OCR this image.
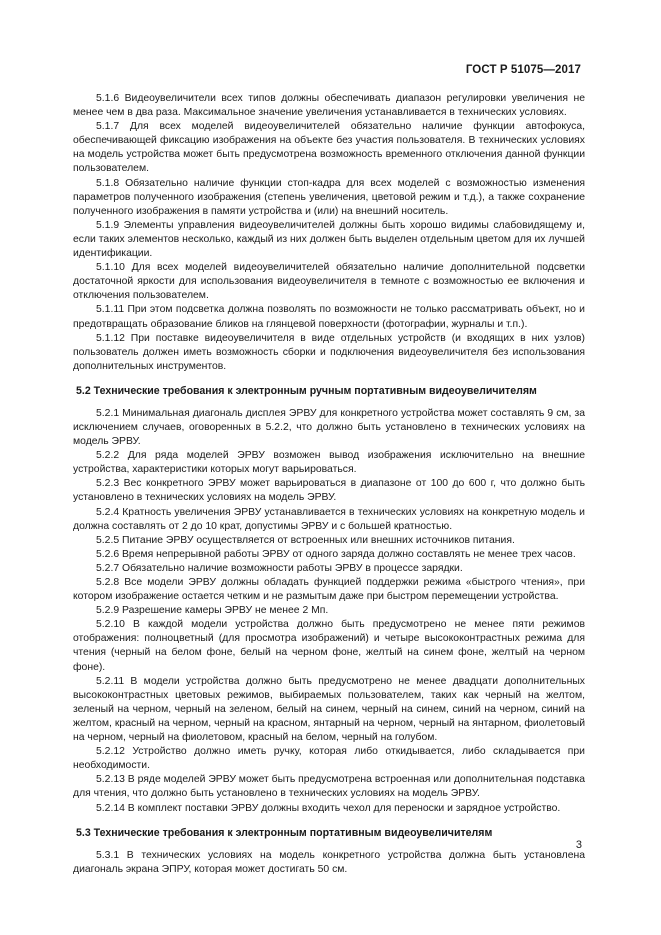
ГОСТ Р 51075—2017

5.1.6 Видеоувеличители всех типов должны обеспечивать диапазон регулировки увеличения не менее чем в два раза. Максимальное значение увеличения устанавливается в технических условиях.

5.1.7 Для всех моделей видеоувеличителей обязательно наличие функции автофокуса, обеспечивающей фиксацию изображения на объекте без участия пользователя. В технических условиях на модель устройства может быть предусмотрена возможность временного отключения данной функции пользователем.

5.1.8 Обязательно наличие функции стоп-кадра для всех моделей с возможностью изменения параметров полученного изображения (степень увеличения, цветовой режим и т.д.), а также сохранение полученного изображения в памяти устройства и (или) на внешний носитель.

5.1.9 Элементы управления видеоувеличителей должны быть хорошо видимы слабовидящему и, если таких элементов несколько, каждый из них должен быть выделен отдельным цветом для их лучшей идентификации.

5.1.10 Для всех моделей видеоувеличителей обязательно наличие дополнительной подсветки достаточной яркости для использования видеоувеличителя в темноте с возможностью ее включения и отключения пользователем.

5.1.11 При этом подсветка должна позволять по возможности не только рассматривать объект, но и предотвращать образование бликов на глянцевой поверхности (фотографии, журналы и т.п.).

5.1.12 При поставке видеоувеличителя в виде отдельных устройств (и входящих в них узлов) пользователь должен иметь возможность сборки и подключения видеоувеличителя без использования дополнительных инструментов.

5.2 Технические требования к электронным ручным портативным видеоувеличителям

5.2.1 Минимальная диагональ дисплея ЭРВУ для конкретного устройства может составлять 9 см, за исключением случаев, оговоренных в 5.2.2, что должно быть установлено в технических условиях на модель ЭРВУ.

5.2.2 Для ряда моделей ЭРВУ возможен вывод изображения исключительно на внешние устройства, характеристики которых могут варьироваться.

5.2.3 Вес конкретного ЭРВУ может варьироваться в диапазоне от 100 до 600 г, что должно быть установлено в технических условиях на модель ЭРВУ.

5.2.4 Кратность увеличения ЭРВУ устанавливается в технических условиях на конкретную модель и должна составлять от 2 до 10 крат, допустимы ЭРВУ и с большей кратностью.

5.2.5 Питание ЭРВУ осуществляется от встроенных или внешних источников питания.

5.2.6 Время непрерывной работы ЭРВУ от одного заряда должно составлять не менее трех часов.

5.2.7 Обязательно наличие возможности работы ЭРВУ в процессе зарядки.

5.2.8 Все модели ЭРВУ должны обладать функцией поддержки режима «быстрого чтения», при котором изображение остается четким и не размытым даже при быстром перемещении устройства.

5.2.9 Разрешение камеры ЭРВУ не менее 2 Мп.

5.2.10 В каждой модели устройства должно быть предусмотрено не менее пяти режимов отображения: полноцветный (для просмотра изображений) и четыре высококонтрастных режима для чтения (черный на белом фоне, белый на черном фоне, желтый на синем фоне, желтый на черном фоне).

5.2.11 В модели устройства должно быть предусмотрено не менее двадцати дополнительных высококонтрастных цветовых режимов, выбираемых пользователем, таких как черный на желтом, зеленый на черном, черный на зеленом, белый на синем, черный на синем, синий на черном, синий на желтом, красный на черном, черный на красном, янтарный на черном, черный на янтарном, фиолетовый на черном, черный на фиолетовом, красный на белом, черный на голубом.

5.2.12 Устройство должно иметь ручку, которая либо откидывается, либо складывается при необходимости.

5.2.13 В ряде моделей ЭРВУ может быть предусмотрена встроенная или дополнительная подставка для чтения, что должно быть установлено в технических условиях на модель ЭРВУ.

5.2.14 В комплект поставки ЭРВУ должны входить чехол для переноски и зарядное устройство.

5.3 Технические требования к электронным портативным видеоувеличителям

5.3.1 В технических условиях на модель конкретного устройства должна быть установлена диагональ экрана ЭПРУ, которая может достигать 50 см.

3
